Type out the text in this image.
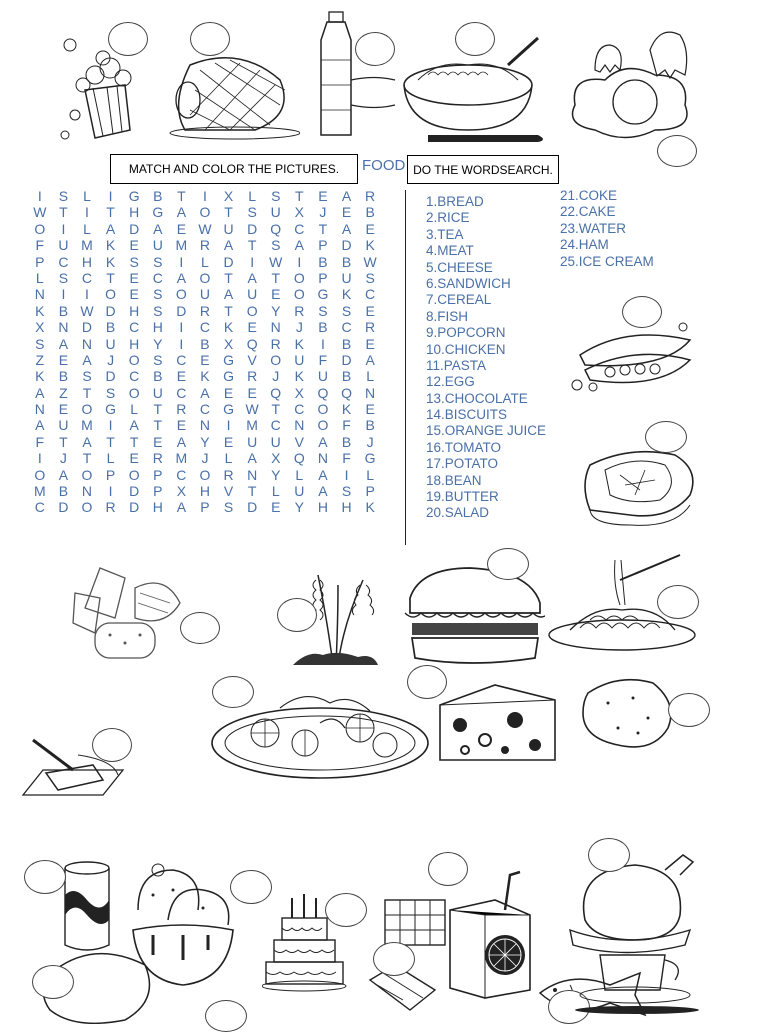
MATCH AND COLOR THE PICTURES.	FOOD DO THE WORDSEARCH.
I	S	L	I	G B	T	I	X	L	S	T	E	A R
W T	I	T	H G A O T	S U X	J	E	B
O	I	L	A D A	E W U D Q C	T	A	E
F	U M K	E U M R A	T	S	A	P D K
P C H K	S	S	I	L	D	I	W	I	B	B W
L	S C	T	E C A O T	A	T O P U S
N	I	I	O E	S O U A U E O G K C
K	B W D H S D R	T O Y R S	S	E
X N D B C H	I	C K	E N	J	B C R
S	A N U H Y	I	B	X Q R K	I	B	E
Z	E	A	J	O S C E G V O U	F	D A
K	B	S D C B	E	K G R	J	K U B	L
A	Z	T	S O U C A	E	E Q X Q Q N
N E O G	L	T	R C G W T	C O K	E
A U M	I	A	T	E N	I	M C N O F	B
F	T	A	T	T	E	A	Y	E U U V	A	B	J
I	J	T	L	E R M	J	L	A	X Q N	F G
O A O P O P C O R N Y	L	A	I	L
M B N	I	D P	X H V	T	L	U A	S	P
C D O R D H A	P	S D E	Y H H K
1.BREAD
2.RICE
3.TEA
4.MEAT
5.CHEESE
6.SANDWICH
7.CEREAL
8.FISH
9.POPCORN
10.CHICKEN
11.PASTA
12.EGG
13.CHOCOLATE
14.BISCUITS
15.ORANGE JUICE
16.TOMATO
17.POTATO
18.BEAN
19.BUTTER
20.SALAD
21.COKE
22.CAKE
23.WATER
24.HAM
25.ICE CREAM
